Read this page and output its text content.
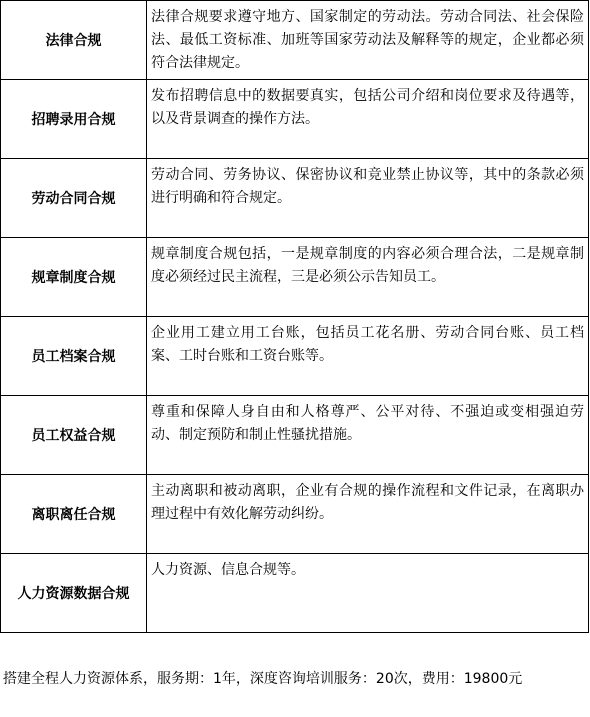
法律合规	法律合规要求遵守地方、国家制定的劳动法。劳动合同法、社会保险法、最低工资标准、加班等国家劳动法及解释等的规定，企业都必须符合法律规定。
招聘录用合规	发布招聘信息中的数据要真实，包括公司介绍和岗位要求及待遇等，以及背景调查的操作方法。
劳动合同合规	劳动合同、劳务协议、保密协议和竞业禁止协议等，其中的条款必须进行明确和符合规定。
规章制度合规	规章制度合规包括，一是规章制度的内容必须合理合法，二是规章制度必须经过民主流程，三是必须公示告知员工。
员工档案合规	企业用工建立用工台账，包括员工花名册、劳动合同台账、员工档案、工时台账和工资台账等。
员工权益合规	尊重和保障人身自由和人格尊严、公平对待、不强迫或变相强迫劳动、制定预防和制止性骚扰措施。
离职离任合规	主动离职和被动离职，企业有合规的操作流程和文件记录，在离职办理过程中有效化解劳动纠纷。
人力资源数据合规	人力资源、信息合规等。
搭建全程人力资源体系，服务期：1年，深度咨询培训服务：20次，费用：19800元
